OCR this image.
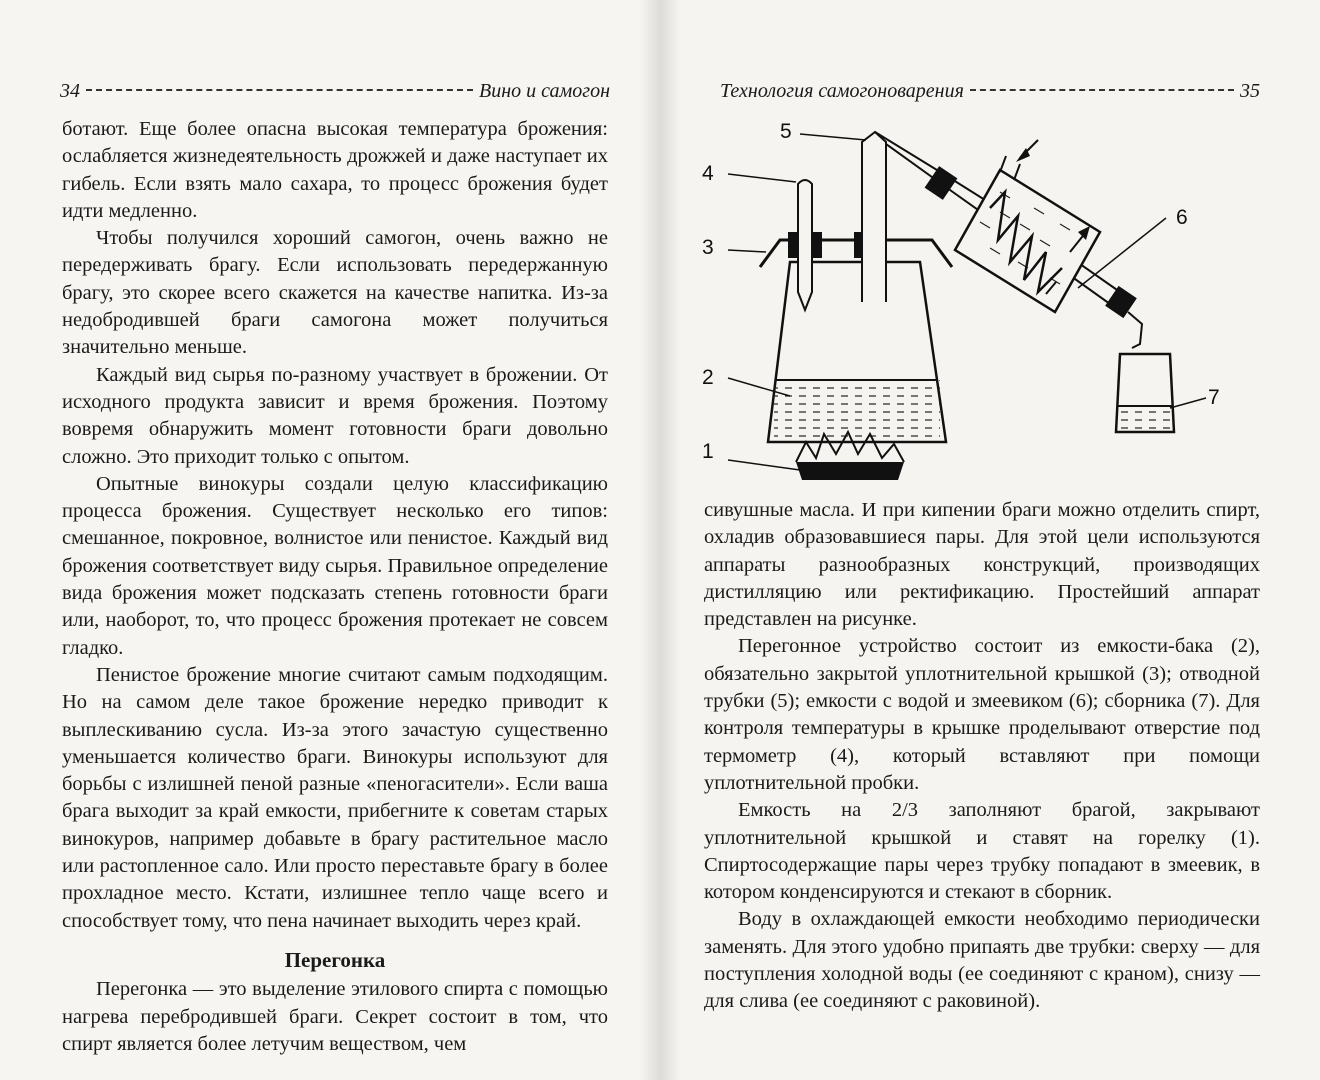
34	Вино и самогон

ботают. Еще более опасна высокая температура брожения: ослабляется жизнедеятельность дрожжей и даже наступает их гибель. Если взять мало сахара, то процесс брожения будет идти медленно.

Чтобы получился хороший самогон, очень важно не передерживать брагу. Если использовать передержанную брагу, это скорее всего скажется на качестве напитка. Из-за недобродившей браги самогона может получиться значительно меньше.

Каждый вид сырья по-разному участвует в брожении. От исходного продукта зависит и время брожения. Поэтому вовремя обнаружить момент готовности браги довольно сложно. Это приходит только с опытом.

Опытные винокуры создали целую классификацию процесса брожения. Существует несколько его типов: смешанное, покровное, волнистое или пенистое. Каждый вид брожения соответствует виду сырья. Правильное определение вида брожения может подсказать степень готовности браги или, наоборот, то, что процесс брожения протекает не совсем гладко.

Пенистое брожение многие считают самым подходящим. Но на самом деле такое брожение нередко приводит к выплескиванию сусла. Из-за этого зачастую существенно уменьшается количество браги. Винокуры используют для борьбы с излишней пеной разные «пеногасители». Если ваша брага выходит за край емкости, прибегните к советам старых винокуров, например добавьте в брагу растительное масло или растопленное сало. Или просто переставьте брагу в более прохладное место. Кстати, излишнее тепло чаще всего и способствует тому, что пена начинает выходить через край.

Перегонка

Перегонка — это выделение этилового спирта с помощью нагрева перебродившей браги. Секрет состоит в том, что спирт является более летучим веществом, чем

Технология самогоноварения	35
1
2
3
4
5
6
7

сивушные масла. И при кипении браги можно отделить спирт, охладив образовавшиеся пары. Для этой цели используются аппараты разнообразных конструкций, производящих дистилляцию или ректификацию. Простейший аппарат представлен на рисунке.

Перегонное устройство состоит из емкости-бака (2), обязательно закрытой уплотнительной крышкой (3); отводной трубки (5); емкости с водой и змеевиком (6); сборника (7). Для контроля температуры в крышке проделывают отверстие под термометр (4), который вставляют при помощи уплотнительной пробки.

Емкость на 2/3 заполняют брагой, закрывают уплотнительной крышкой и ставят на горелку (1). Спиртосодержащие пары через трубку попадают в змеевик, в котором конденсируются и стекают в сборник.

Воду в охлаждающей емкости необходимо периодически заменять. Для этого удобно припаять две трубки: сверху — для поступления холодной воды (ее соединяют с краном), снизу — для слива (ее соединяют с раковиной).
